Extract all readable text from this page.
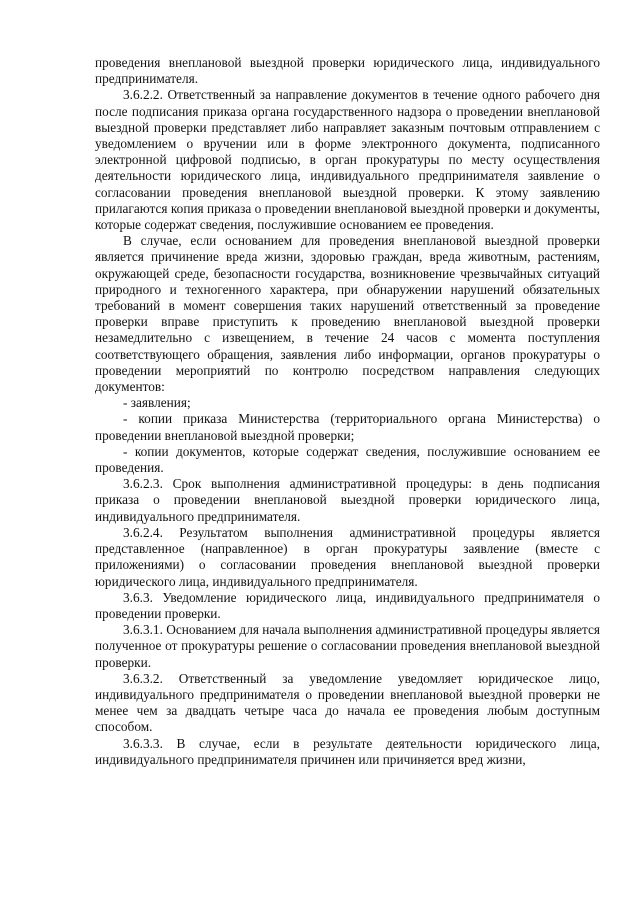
проведения внеплановой выездной проверки юридического лица, индивидуального предпринимателя.

3.6.2.2. Ответственный за направление документов в течение одного рабочего дня после подписания приказа органа государственного надзора о проведении внеплановой выездной проверки представляет либо направляет заказным почтовым отправлением с уведомлением о вручении или в форме электронного документа, подписанного электронной цифровой подписью, в орган прокуратуры по месту осуществления деятельности юридического лица, индивидуального предпринимателя заявление о согласовании проведения внеплановой выездной проверки. К этому заявлению прилагаются копия приказа о проведении внеплановой выездной проверки и документы, которые содержат сведения, послужившие основанием ее проведения.

В случае, если основанием для проведения внеплановой выездной проверки является причинение вреда жизни, здоровью граждан, вреда животным, растениям, окружающей среде, безопасности государства, возникновение чрезвычайных ситуаций природного и техногенного характера, при обнаружении нарушений обязательных требований в момент совершения таких нарушений ответственный за проведение проверки вправе приступить к проведению внеплановой выездной проверки незамедлительно с извещением, в течение 24 часов с момента поступления соответствующего обращения, заявления либо информации, органов прокуратуры о проведении мероприятий по контролю посредством направления следующих документов:

- заявления;

- копии приказа Министерства (территориального органа Министерства) о проведении внеплановой выездной проверки;

- копии документов, которые содержат сведения, послужившие основанием ее проведения.

3.6.2.3. Срок выполнения административной процедуры: в день подписания приказа о проведении внеплановой выездной проверки юридического лица, индивидуального предпринимателя.

3.6.2.4. Результатом выполнения административной процедуры является представленное (направленное) в орган прокуратуры заявление (вместе с приложениями) о согласовании проведения внеплановой выездной проверки юридического лица, индивидуального предпринимателя.

3.6.3. Уведомление юридического лица, индивидуального предпринимателя о проведении проверки.

3.6.3.1. Основанием для начала выполнения административной процедуры является полученное от прокуратуры решение о согласовании проведения внеплановой выездной проверки.

3.6.3.2. Ответственный за уведомление уведомляет юридическое лицо, индивидуального предпринимателя о проведении внеплановой выездной проверки не менее чем за двадцать четыре часа до начала ее проведения любым доступным способом.

3.6.3.3. В случае, если в результате деятельности юридического лица, индивидуального предпринимателя причинен или причиняется вред жизни,
